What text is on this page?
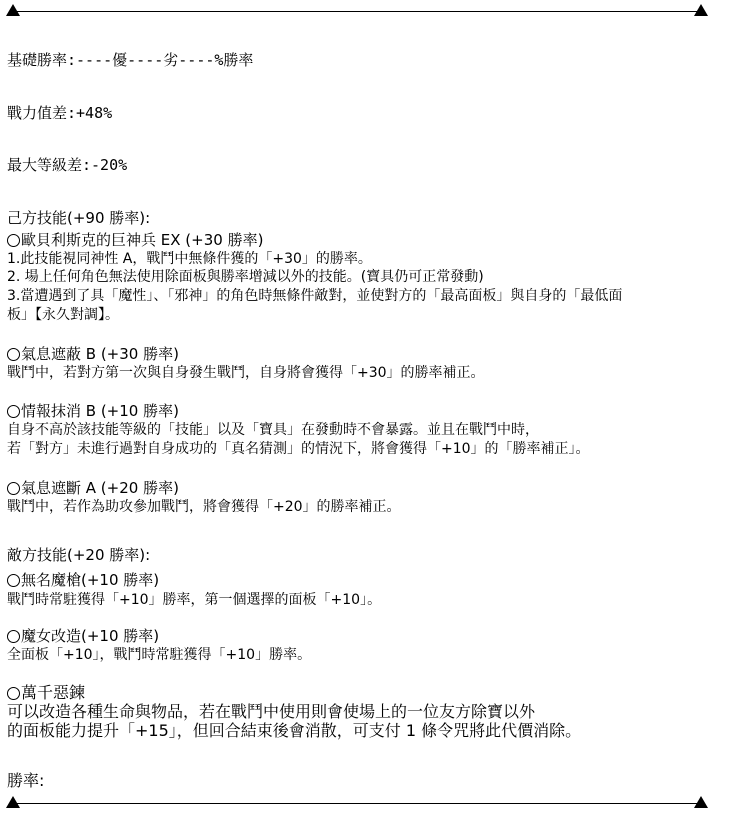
基礎勝率:----優----劣----%勝率
戰力值差:+48%
最大等級差:-20%
己方技能(+90 勝率):
歐貝利斯克的巨神兵 EX (+30 勝率)
1.此技能視同神性 A，戰鬥中無條件獲的「+30」的勝率。
2. 場上任何角色無法使用除面板與勝率增減以外的技能。(寶具仍可正常發動)
3.當遭遇到了具「魔性」、「邪神」的角色時無條件敵對，並使對方的「最高面板」與自身的「最低面
板」【永久對調】。
氣息遮蔽 B (+30 勝率)
戰鬥中，若對方第一次與自身發生戰鬥，自身將會獲得「+30」的勝率補正。
情報抹消 B (+10 勝率)
自身不高於該技能等級的「技能」以及「寶具」在發動時不會暴露。並且在戰鬥中時，
若「對方」未進行過對自身成功的「真名猜測」的情況下，將會獲得「+10」的「勝率補正」。
氣息遮斷 A (+20 勝率)
戰鬥中，若作為助攻參加戰鬥，將會獲得「+20」的勝率補正。
敵方技能(+20 勝率):
無名魔槍(+10 勝率)
戰鬥時常駐獲得「+10」勝率，第一個選擇的面板「+10」。
魔女改造(+10 勝率)
全面板「+10」，戰鬥時常駐獲得「+10」勝率。
萬千惡鍊
可以改造各種生命與物品，若在戰鬥中使用則會使場上的一位友方除寶以外
的面板能力提升「+15」，但回合結束後會消散，可支付 1 條令咒將此代價消除。
勝率:
